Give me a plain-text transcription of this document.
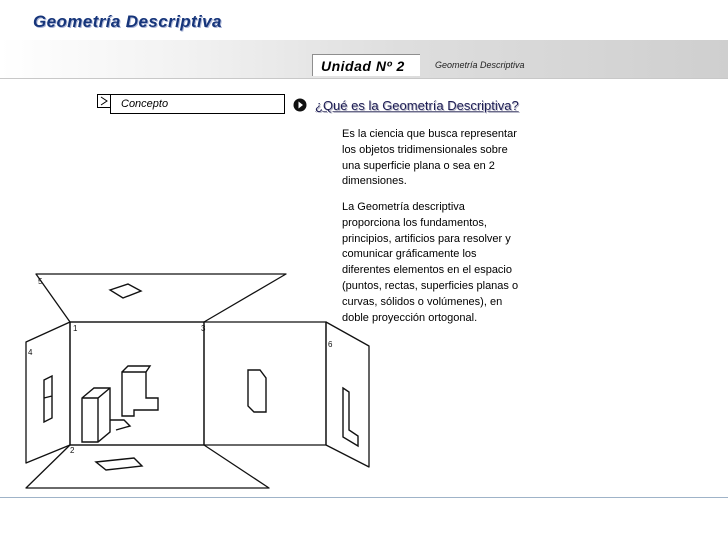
Geometría Descriptiva
Unidad Nº 2	Geometría Descriptiva
Concepto	¿Qué es la Geometría Descriptiva?

Es la ciencia que busca representar
los objetos tridimensionales sobre
una superficie plana o sea en 2
dimensiones.

La Geometría descriptiva
proporciona los fundamentos,
principios, artificios para resolver y
comunicar gráficamente los
diferentes elementos en el espacio
(puntos, rectas, superficies planas o
curvas, sólidos o volúmenes), en
doble proyección ortogonal.

5
1	3
4
6
2
